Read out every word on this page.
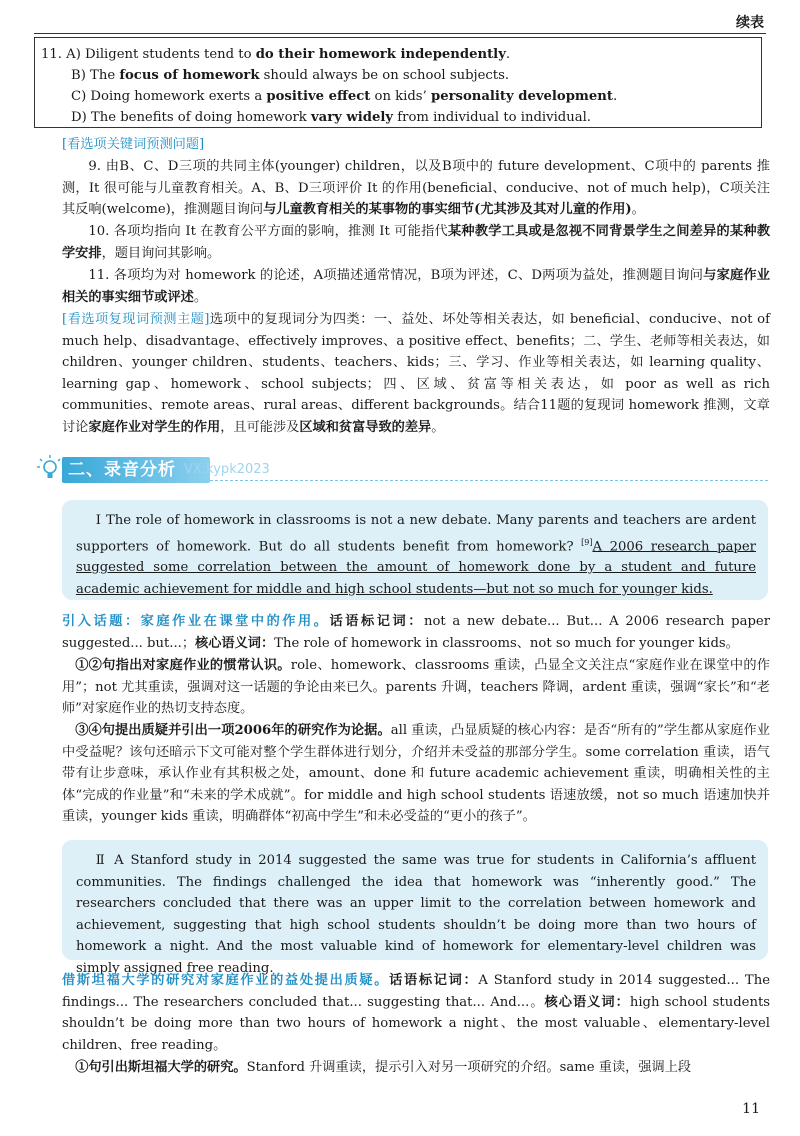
续表
11. A) Diligent students tend to do their homework independently.
B) The focus of homework should always be on school subjects.
C) Doing homework exerts a positive effect on kids’ personality development.
D) The benefits of doing homework vary widely from individual to individual.
[看选项关键词预测问题]
9. 由B、C、D三项的共同主体(younger) children，以及B项中的 future development、C项中的 parents 推测，It 很可能与儿童教育相关。A、B、D三项评价 It 的作用(beneficial、conducive、not of much help)，C项关注其反响(welcome)，推测题目询问与儿童教育相关的某事物的事实细节(尤其涉及其对儿童的作用)。
10. 各项均指向 It 在教育公平方面的影响，推测 It 可能指代某种教学工具或是忽视不同背景学生之间差异的某种教学安排，题目询问其影响。
11. 各项均为对 homework 的论述，A项描述通常情况，B项为评述，C、D两项为益处，推测题目询问与家庭作业相关的事实细节或评述。
[看选项复现词预测主题]选项中的复现词分为四类：一、益处、坏处等相关表达，如 beneficial、conducive、not of much help、disadvantage、effectively improves、a positive effect、benefits；二、学生、老师等相关表达，如 children、younger children、students、teachers、kids；三、学习、作业等相关表达，如 learning quality、learning gap、homework、school subjects；四、区域、贫富等相关表达，如 poor as well as rich communities、remote areas、rural areas、different backgrounds。结合11题的复现词 homework 推测，文章讨论家庭作业对学生的作用，且可能涉及区域和贫富导致的差异。
二、录音分析 VX:kypk2023
Ⅰ The role of homework in classrooms is not a new debate. Many parents and teachers are ardent supporters of homework. But do all students benefit from homework? [9]A 2006 research paper suggested some correlation between the amount of homework done by a student and future academic achievement for middle and high school students—but not so much for younger kids.
引入话题：家庭作业在课堂中的作用。话语标记词：not a new debate... But... A 2006 research paper suggested... but...；核心语义词：The role of homework in classrooms、not so much for younger kids。
①②句指出对家庭作业的惯常认识。role、homework、classrooms 重读，凸显全文关注点“家庭作业在课堂中的作用”；not 尤其重读，强调对这一话题的争论由来已久。parents 升调，teachers 降调，ardent 重读，强调“家长”和“老师”对家庭作业的热切支持态度。
③④句提出质疑并引出一项2006年的研究作为论据。all 重读，凸显质疑的核心内容：是否“所有的”学生都从家庭作业中受益呢？该句还暗示下文可能对整个学生群体进行划分，介绍并未受益的那部分学生。some correlation 重读，语气带有让步意味，承认作业有其积极之处，amount、done 和 future academic achievement 重读，明确相关性的主体“完成的作业量”和“未来的学术成就”。for middle and high school students 语速放缓，not so much 语速加快并重读，younger kids 重读，明确群体“初高中学生”和未必受益的“更小的孩子”。
Ⅱ A Stanford study in 2014 suggested the same was true for students in California’s affluent communities. The findings challenged the idea that homework was “inherently good.” The researchers concluded that there was an upper limit to the correlation between homework and achievement, suggesting that high school students shouldn’t be doing more than two hours of homework a night. And the most valuable kind of homework for elementary-level children was simply assigned free reading.
借斯坦福大学的研究对家庭作业的益处提出质疑。话语标记词：A Stanford study in 2014 suggested... The findings... The researchers concluded that... suggesting that... And...。核心语义词：high school students shouldn’t be doing more than two hours of homework a night、the most valuable、elementary-level children、free reading。
①句引出斯坦福大学的研究。Stanford 升调重读，提示引入对另一项研究的介绍。same 重读，强调上段
11
